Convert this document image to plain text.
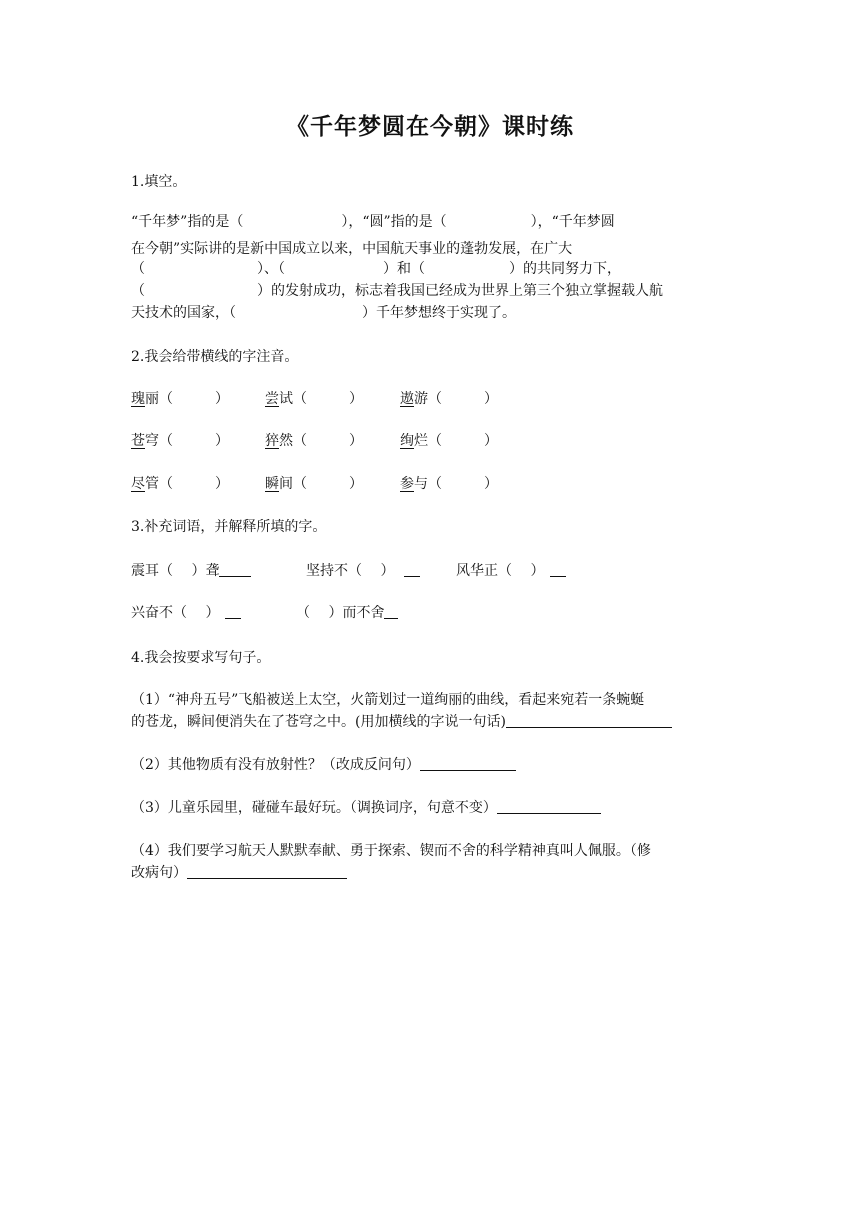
《千年梦圆在今朝》课时练
1.填空。
“千年梦”指的是（　　　　　　　），“圆”指的是（　　　　　　），“千年梦圆
在今朝”实际讲的是新中国成立以来，中国航天事业的蓬勃发展，在广大
（　　　　　　　　）、（　　　　　　　）和（　　　　　　）的共同努力下，
（　　　　　　　　）的发射成功，标志着我国已经成为世界上第三个独立掌握载人航
天技术的国家，（　　　　　　　　　）千年梦想终于实现了。
2.我会给带横线的字注音。
瑰丽（　　　）	尝试（　　　）	遨游（　　　）
苍穹（　　　）	猝然（　　　）	绚烂（　　　）
尽管（　　　）	瞬间（　　　）	参与（　　　）
3.补充词语，并解释所填的字。
震耳（　 ）聋	坚持不（　 ）	风华正（　 ）
兴奋不（　 ）	（　 ）而不舍
4.我会按要求写句子。
（1）“神舟五号”飞船被送上太空，火箭划过一道绚丽的曲线，看起来宛若一条蜿蜒
的苍龙，瞬间便消失在了苍穹之中。(用加横线的字说一句话)
（2）其他物质有没有放射性？（改成反问句）
（3）儿童乐园里，碰碰车最好玩。（调换词序，句意不变）
（4）我们要学习航天人默默奉献、勇于探索、锲而不舍的科学精神真叫人佩服。（修
改病句）
